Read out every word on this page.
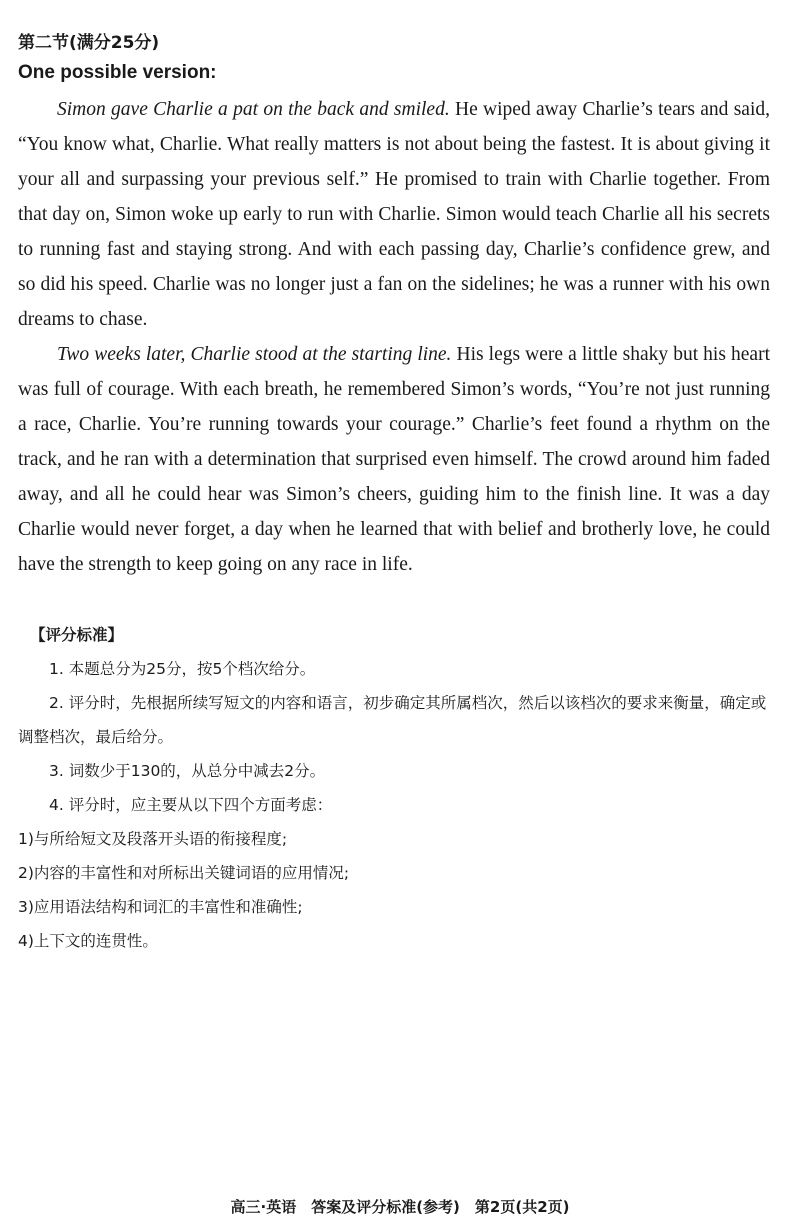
第二节(满分25分)
One possible version:

Simon gave Charlie a pat on the back and smiled. He wiped away Charlie’s tears and said, “You know what, Charlie. What really matters is not about being the fastest. It is about giving it your all and surpassing your previous self.” He promised to train with Charlie together. From that day on, Simon woke up early to run with Charlie. Simon would teach Charlie all his secrets to running fast and staying strong. And with each passing day, Charlie’s confidence grew, and so did his speed. Charlie was no longer just a fan on the sidelines; he was a runner with his own dreams to chase.

Two weeks later, Charlie stood at the starting line. His legs were a little shaky but his heart was full of courage. With each breath, he remembered Simon’s words, “You’re not just running a race, Charlie. You’re running towards your courage.” Charlie’s feet found a rhythm on the track, and he ran with a determination that surprised even himself. The crowd around him faded away, and all he could hear was Simon’s cheers, guiding him to the finish line. It was a day Charlie would never forget, a day when he learned that with belief and brotherly love, he could have the strength to keep going on any race in life.

【评分标准】

1. 本题总分为25分，按5个档次给分。

2. 评分时，先根据所续写短文的内容和语言，初步确定其所属档次，然后以该档次的要求来衡量，确定或调整档次，最后给分。

3. 词数少于130的，从总分中减去2分。

4. 评分时，应主要从以下四个方面考虑：

1)与所给短文及段落开头语的衔接程度;

2)内容的丰富性和对所标出关键词语的应用情况;

3)应用语法结构和词汇的丰富性和准确性;

4)上下文的连贯性。

高三·英语　答案及评分标准(参考)　第2页(共2页)
